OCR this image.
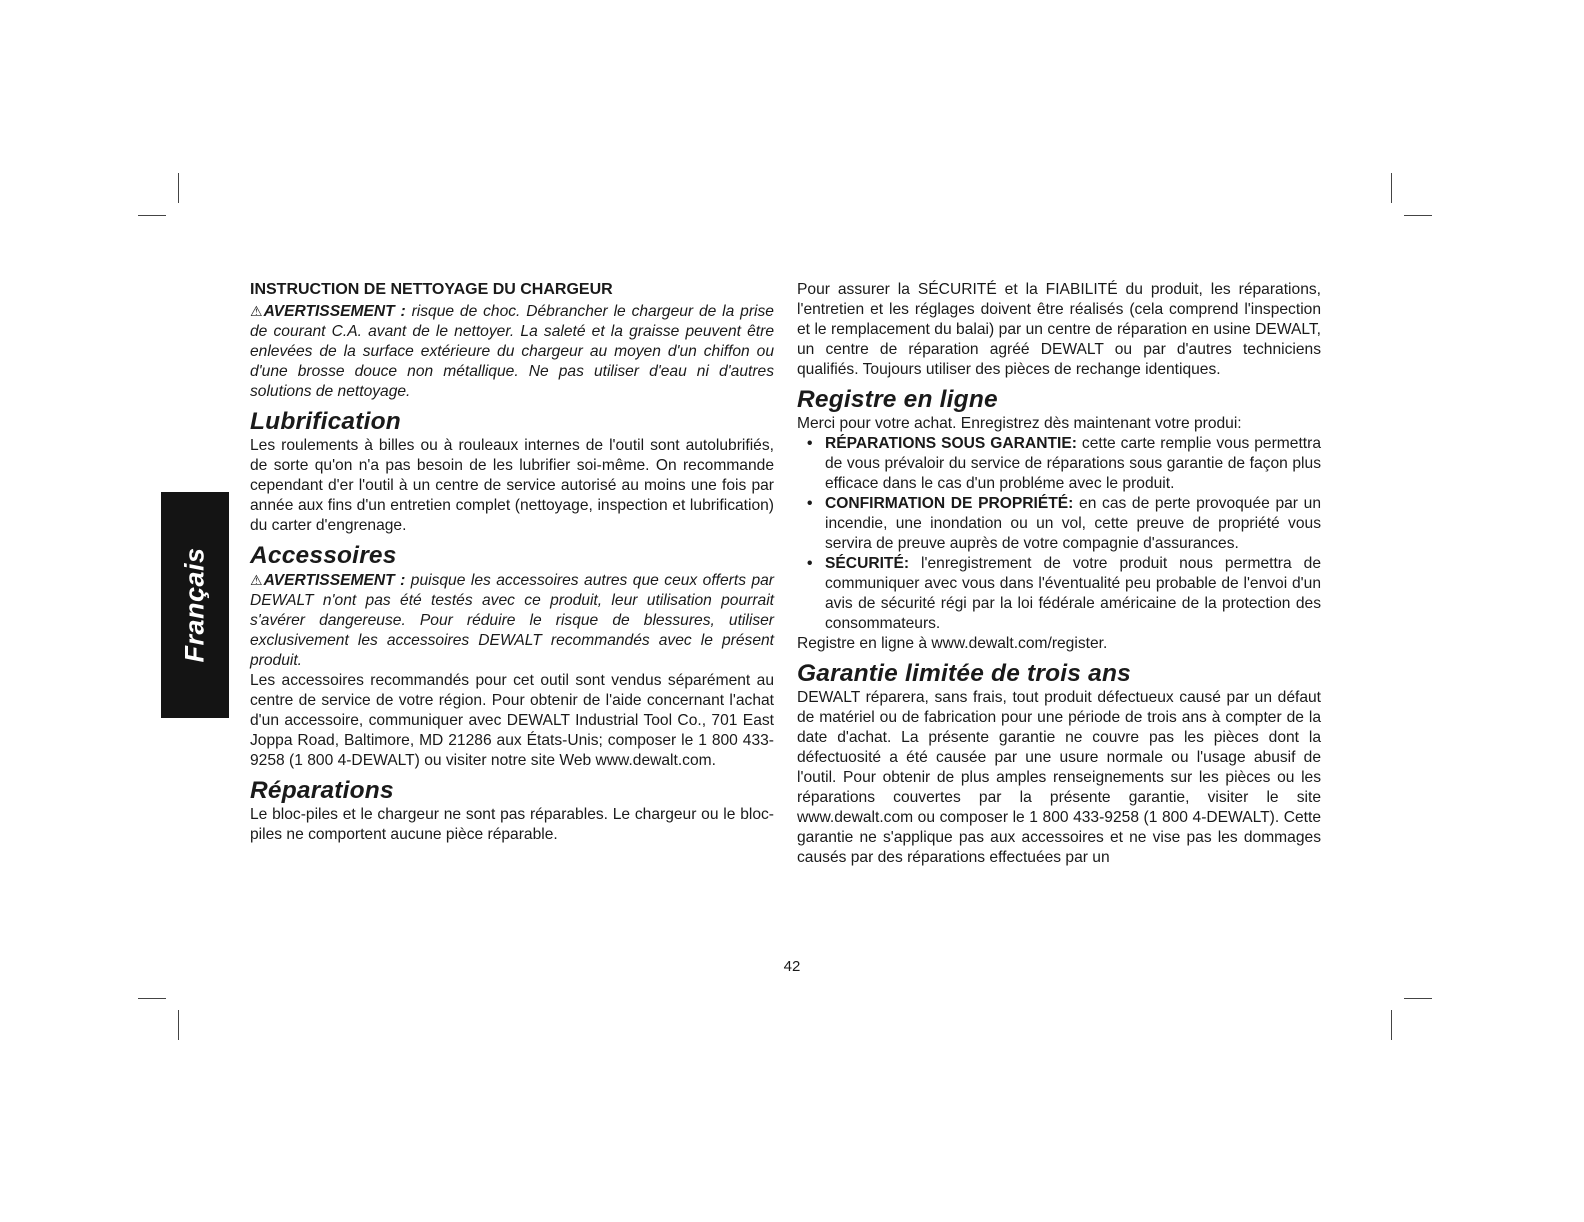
Français
INSTRUCTION DE NETTOYAGE DU CHARGEUR

⚠AVERTISSEMENT : risque de choc. Débrancher le chargeur de la prise de courant C.A. avant de le nettoyer. La saleté et la graisse peuvent être enlevées de la surface extérieure du chargeur au moyen d'un chiffon ou d'une brosse douce non métallique. Ne pas utiliser d'eau ni d'autres solutions de nettoyage.

Lubrification

Les roulements à billes ou à rouleaux internes de l'outil sont autolubrifiés, de sorte qu'on n'a pas besoin de les lubrifier soi-même. On recommande cependant d'er l'outil à un centre de service autorisé au moins une fois par année aux fins d'un entretien complet (nettoyage, inspection et lubrification) du carter d'engrenage.

Accessoires

⚠AVERTISSEMENT : puisque les accessoires autres que ceux offerts par DEWALT n'ont pas été testés avec ce produit, leur utilisation pourrait s'avérer dangereuse. Pour réduire le risque de blessures, utiliser exclusivement les accessoires DEWALT recommandés avec le présent produit.

Les accessoires recommandés pour cet outil sont vendus séparément au centre de service de votre région. Pour obtenir de l'aide concernant l'achat d'un accessoire, communiquer avec DEWALT Industrial Tool Co., 701 East Joppa Road, Baltimore, MD 21286 aux États-Unis; composer le 1 800 433-9258 (1 800 4-DEWALT) ou visiter notre site Web www.dewalt.com.

Réparations

Le bloc-piles et le chargeur ne sont pas réparables. Le chargeur ou le bloc-piles ne comportent aucune pièce réparable.

Pour assurer la SÉCURITÉ et la FIABILITÉ du produit, les réparations, l'entretien et les réglages doivent être réalisés (cela comprend l'inspection et le remplacement du balai) par un centre de réparation en usine DEWALT, un centre de réparation agréé DEWALT ou par d'autres techniciens qualifiés. Toujours utiliser des pièces de rechange identiques.

Registre en ligne

Merci pour votre achat. Enregistrez dès maintenant votre produi:

• RÉPARATIONS SOUS GARANTIE: cette carte remplie vous permettra de vous prévaloir du service de réparations sous garantie de façon plus efficace dans le cas d'un probléme avec le produit.
• CONFIRMATION DE PROPRIÉTÉ: en cas de perte provoquée par un incendie, une inondation ou un vol, cette preuve de propriété vous servira de preuve auprès de votre compagnie d'assurances.
• SÉCURITÉ: l'enregistrement de votre produit nous permettra de communiquer avec vous dans l'éventualité peu probable de l'envoi d'un avis de sécurité régi par la loi fédérale américaine de la protection des consommateurs.

Registre en ligne à www.dewalt.com/register.

Garantie limitée de trois ans

DEWALT réparera, sans frais, tout produit défectueux causé par un défaut de matériel ou de fabrication pour une période de trois ans à compter de la date d'achat. La présente garantie ne couvre pas les pièces dont la défectuosité a été causée par une usure normale ou l'usage abusif de l'outil. Pour obtenir de plus amples renseignements sur les pièces ou les réparations couvertes par la présente garantie, visiter le site www.dewalt.com ou composer le 1 800 433-9258 (1 800 4-DEWALT). Cette garantie ne s'applique pas aux accessoires et ne vise pas les dommages causés par des réparations effectuées par un

42
